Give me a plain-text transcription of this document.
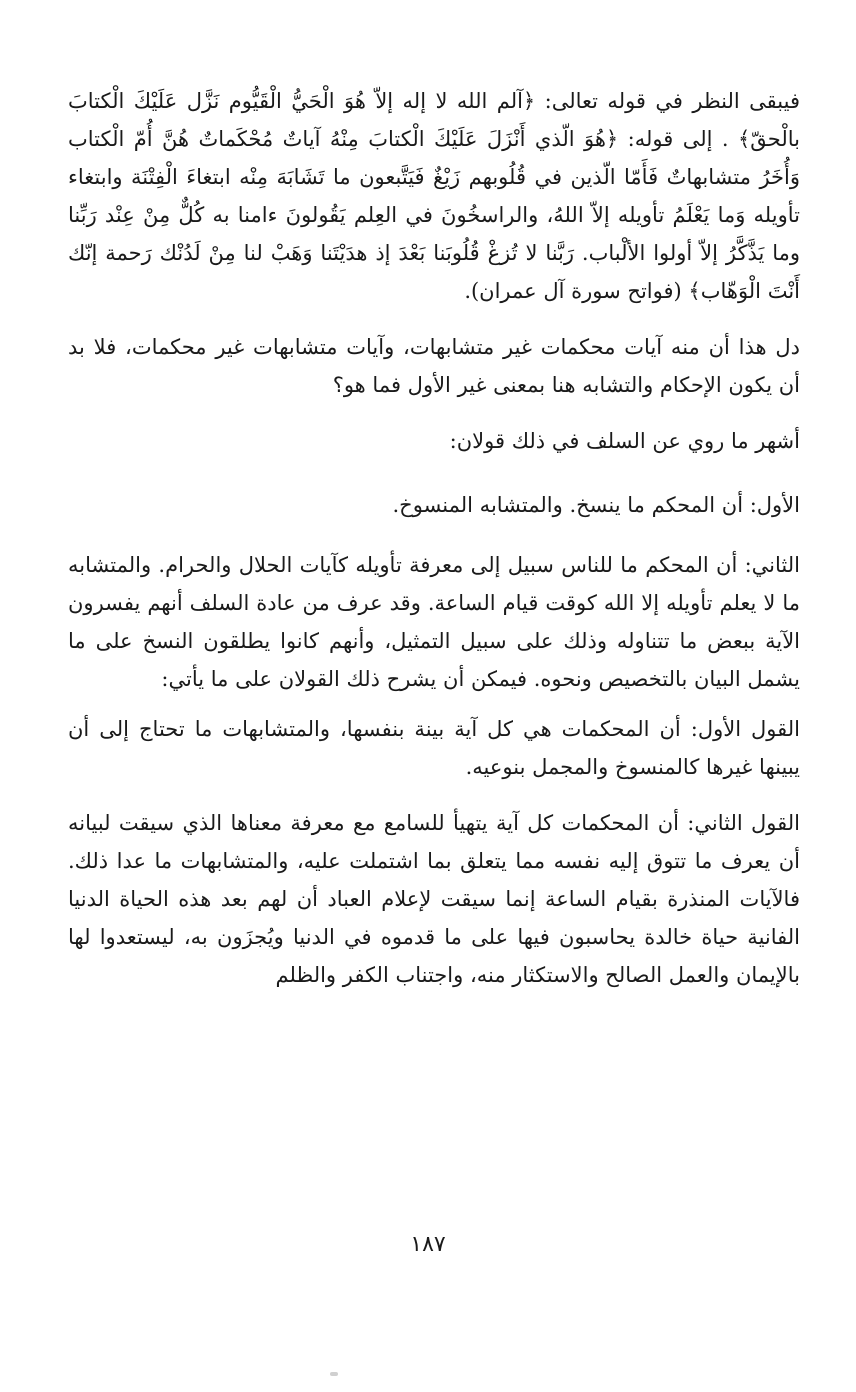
فيبقى النظر في قوله تعالى: ﴿آلم الله لا إله إلاّ هُوَ الْحَيُّ الْقَيُّوم نَزَّل عَلَيْكَ الْكتابَ بالْحقّ﴾ . إلى قوله: ﴿هُوَ الّذي أَنْزَلَ عَلَيْكَ الْكتابَ مِنْهُ آياتٌ مُحْكَماتٌ هُنَّ أُمّ الْكتاب وَأُخَرُ متشابهاتٌ فَأَمّا الّذين في قُلُوبهم زَيْغٌ فَيَتَّبعون ما تَشَابَهَ مِنْه ابتغاءَ الْفِتْنَة وابتغاء تأويله وَما يَعْلَمُ تأويله إلاّ اللهُ، والراسخُونَ في العِلم يَقُولونَ ءامنا به كُلٌّ مِنْ عِنْد رَبِّنا وما يَذَّكَّرُ إلاّ أولوا الألْباب. رَبَّنا لا تُزغْ قُلُوبَنا بَعْدَ إذ هدَيْتَنا وَهَبْ لنا مِنْ لَدُنْك رَحمة إنّك أَنْتَ الْوَهّاب﴾ (فواتح سورة آل عمران).

دل هذا أن منه آيات محكمات غير متشابهات، وآيات متشابهات غير محكمات، فلا بد أن يكون الإحكام والتشابه هنا بمعنى غير الأول فما هو؟

أشهر ما روي عن السلف في ذلك قولان:

الأول: أن المحكم ما ينسخ. والمتشابه المنسوخ.

الثاني: أن المحكم ما للناس سبيل إلى معرفة تأويله كآيات الحلال والحرام. والمتشابه ما لا يعلم تأويله إلا الله كوقت قيام الساعة. وقد عرف من عادة السلف أنهم يفسرون الآية ببعض ما تتناوله وذلك على سبيل التمثيل، وأنهم كانوا يطلقون النسخ على ما يشمل البيان بالتخصيص ونحوه. فيمكن أن يشرح ذلك القولان على ما يأتي:

القول الأول: أن المحكمات هي كل آية بينة بنفسها، والمتشابهات ما تحتاج إلى أن يبينها غيرها كالمنسوخ والمجمل بنوعيه.

القول الثاني: أن المحكمات كل آية يتهيأ للسامع مع معرفة معناها الذي سيقت لبيانه أن يعرف ما تتوق إليه نفسه مما يتعلق بما اشتملت عليه، والمتشابهات ما عدا ذلك. فالآيات المنذرة بقيام الساعة إنما سيقت لإعلام العباد أن لهم بعد هذه الحياة الدنيا الفانية حياة خالدة يحاسبون فيها على ما قدموه في الدنيا ويُجزَون به، ليستعدوا لها بالإيمان والعمل الصالح والاستكثار منه، واجتناب الكفر والظلم

١٨٧
